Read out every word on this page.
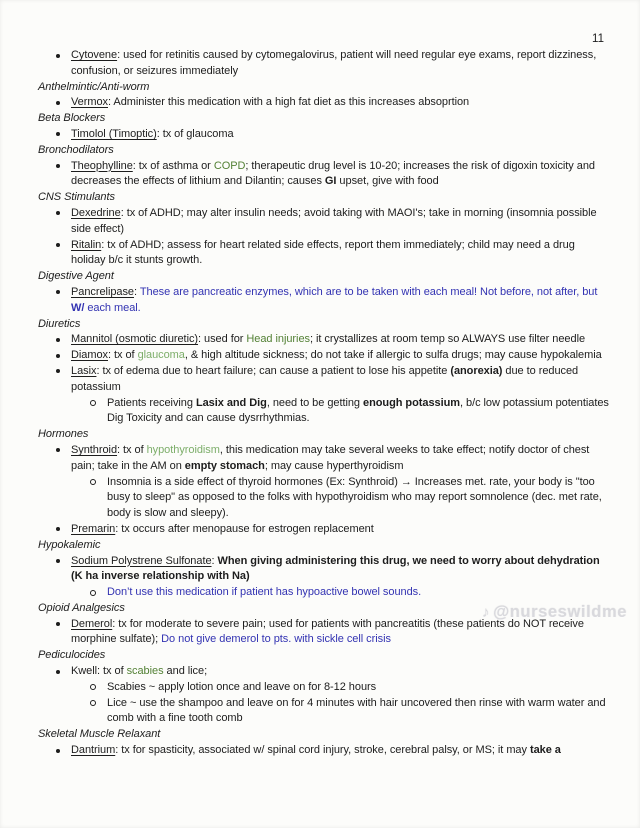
11
Cytovene: used for retinitis caused by cytomegalovirus, patient will need regular eye exams, report dizziness, confusion, or seizures immediately
Anthelmintic/Anti-worm
Vermox: Administer this medication with a high fat diet as this increases absoprtion
Beta Blockers
Timolol (Timoptic): tx of glaucoma
Bronchodilators
Theophylline: tx of asthma or COPD; therapeutic drug level is 10-20; increases the risk of digoxin toxicity and decreases the effects of lithium and Dilantin; causes GI upset, give with food
CNS Stimulants
Dexedrine: tx of ADHD; may alter insulin needs; avoid taking with MAOI's; take in morning (insomnia possible side effect)
Ritalin: tx of ADHD; assess for heart related side effects, report them immediately; child may need a drug holiday b/c it stunts growth.
Digestive Agent
Pancrelipase: These are pancreatic enzymes, which are to be taken with each meal! Not before, not after, but W/ each meal.
Diuretics
Mannitol (osmotic diuretic): used for Head injuries; it crystallizes at room temp so ALWAYS use filter needle
Diamox: tx of glaucoma, & high altitude sickness; do not take if allergic to sulfa drugs; may cause hypokalemia
Lasix: tx of edema due to heart failure; can cause a patient to lose his appetite (anorexia) due to reduced potassium
Patients receiving Lasix and Dig, need to be getting enough potassium, b/c low potassium potentiates Dig Toxicity and can cause dysrrhythmias.
Hormones
Synthroid: tx of hypothyroidism, this medication may take several weeks to take effect; notify doctor of chest pain; take in the AM on empty stomach; may cause hyperthyroidism
Insomnia is a side effect of thyroid hormones (Ex: Synthroid) → Increases met. rate, your body is "too busy to sleep" as opposed to the folks with hypothyroidism who may report somnolence (dec. met rate, body is slow and sleepy).
Premarin: tx occurs after menopause for estrogen replacement
Hypokalemic
Sodium Polystrene Sulfonate: When giving administering this drug, we need to worry about dehydration (K ha inverse relationship with Na)
Don’t use this medication if patient has hypoactive bowel sounds.
Opioid Analgesics
Demerol: tx for moderate to severe pain; used for patients with pancreatitis (these patients do NOT receive morphine sulfate); Do not give demerol to pts. with sickle cell crisis
Pediculocides
Kwell: tx of scabies and lice;
Scabies ~ apply lotion once and leave on for 8-12 hours
Lice ~ use the shampoo and leave on for 4 minutes with hair uncovered then rinse with warm water and comb with a fine tooth comb
Skeletal Muscle Relaxant
Dantrium: tx for spasticity, associated w/ spinal cord injury, stroke, cerebral palsy, or MS; it may take a
♪ @nurseswildme
